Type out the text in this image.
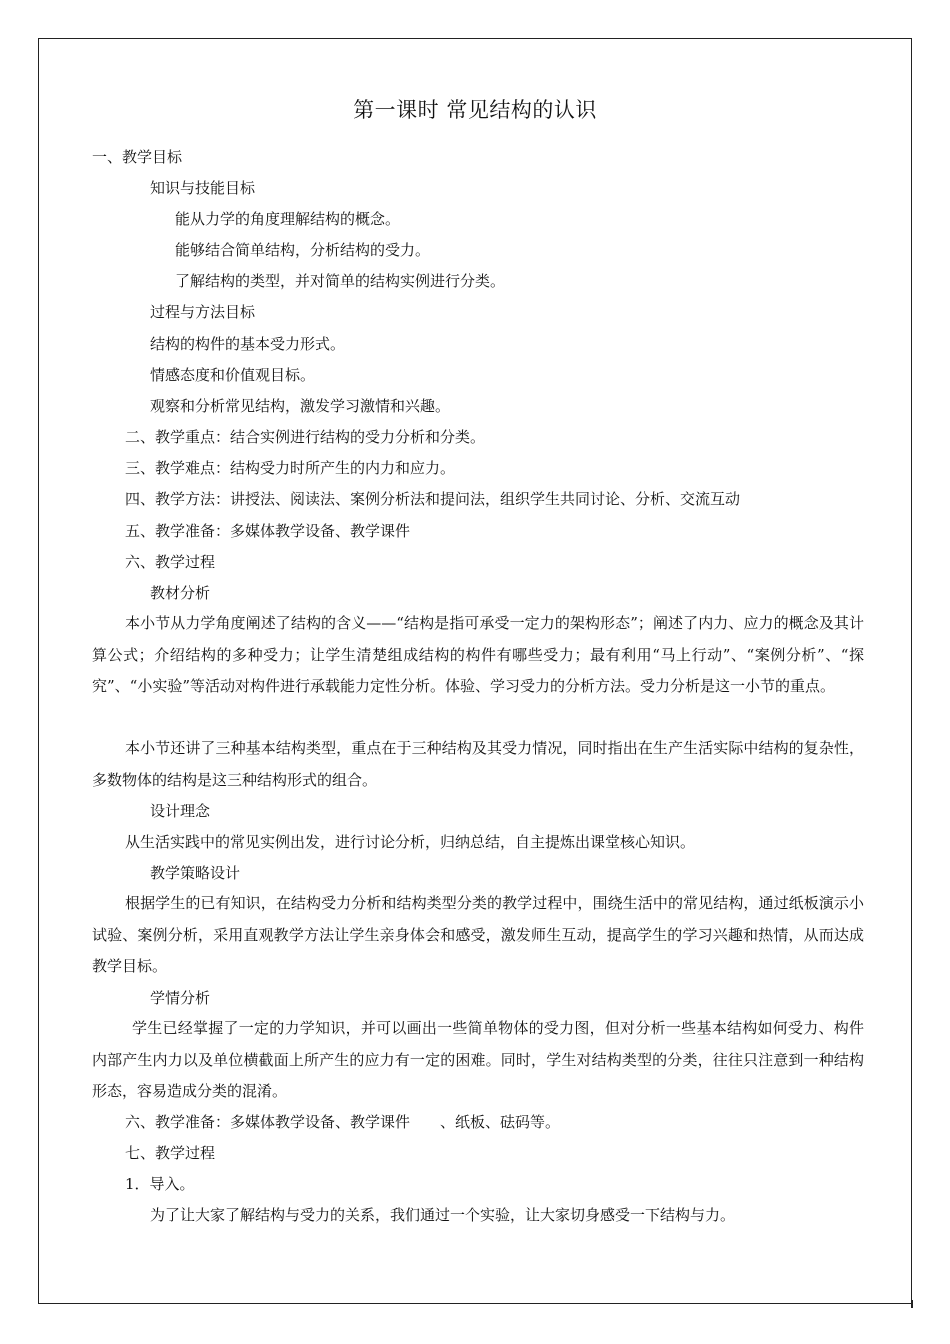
第一课时 常见结构的认识

一、教学目标

知识与技能目标

能从力学的角度理解结构的概念。

能够结合简单结构，分析结构的受力。

了解结构的类型，并对简单的结构实例进行分类。

过程与方法目标

结构的构件的基本受力形式。

情感态度和价值观目标。

观察和分析常见结构，激发学习激情和兴趣。

二、教学重点：结合实例进行结构的受力分析和分类。

三、教学难点：结构受力时所产生的内力和应力。

四、教学方法：讲授法、阅读法、案例分析法和提问法，组织学生共同讨论、分析、交流互动

五、教学准备：多媒体教学设备、教学课件

六、教学过程

教材分析

本小节从力学角度阐述了结构的含义——“结构是指可承受一定力的架构形态”；阐述了内力、应力的概念及其计算公式；介绍结构的多种受力；让学生清楚组成结构的构件有哪些受力；最有利用“马上行动”、“案例分析”、“探究”、“小实验”等活动对构件进行承载能力定性分析。体验、学习受力的分析方法。受力分析是这一小节的重点。

本小节还讲了三种基本结构类型，重点在于三种结构及其受力情况，同时指出在生产生活实际中结构的复杂性，多数物体的结构是这三种结构形式的组合。

设计理念

从生活实践中的常见实例出发，进行讨论分析，归纳总结，自主提炼出课堂核心知识。

教学策略设计

根据学生的已有知识，在结构受力分析和结构类型分类的教学过程中，围绕生活中的常见结构，通过纸板演示小试验、案例分析，采用直观教学方法让学生亲身体会和感受，激发师生互动，提高学生的学习兴趣和热情，从而达成教学目标。

学情分析

学生已经掌握了一定的力学知识，并可以画出一些简单物体的受力图，但对分析一些基本结构如何受力、构件内部产生内力以及单位横截面上所产生的应力有一定的困难。同时，学生对结构类型的分类，往往只注意到一种结构形态，容易造成分类的混淆。

六、教学准备：多媒体教学设备、教学课件　　、纸板、砝码等。

七、教学过程

1．导入。

为了让大家了解结构与受力的关系，我们通过一个实验，让大家切身感受一下结构与力。
